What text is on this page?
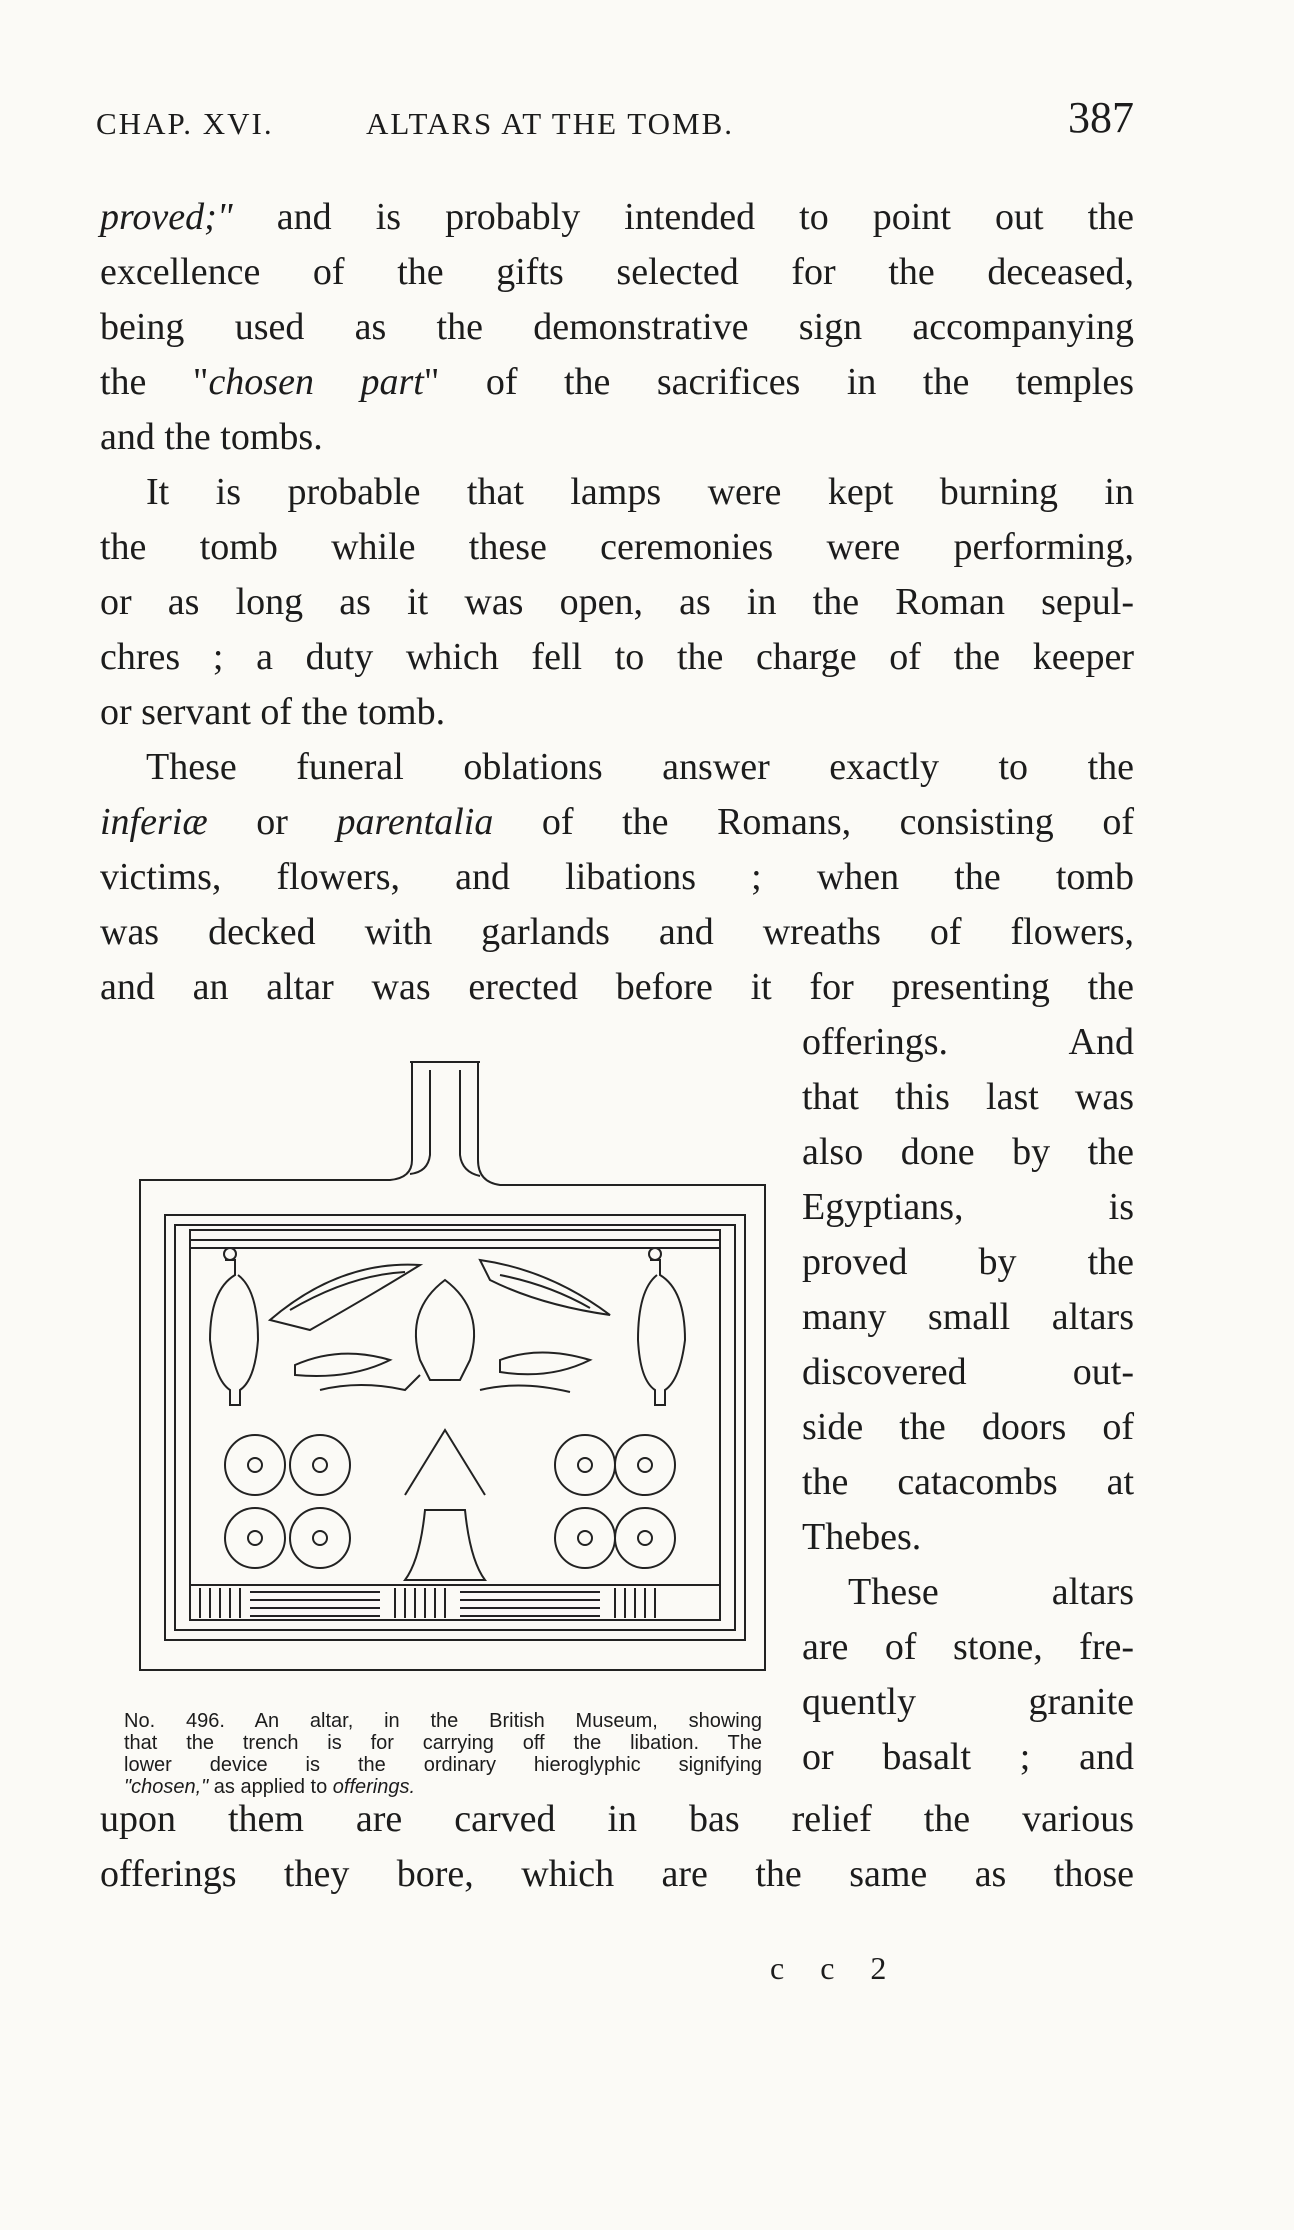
CHAP. XVI.	ALTARS AT THE TOMB.	387
proved;" and is probably intended to point out the
excellence of the gifts selected for the deceased,
being used as the demonstrative sign accompanying
the "chosen part" of the sacrifices in the temples
and the tombs.
It is probable that lamps were kept burning in
the tomb while these ceremonies were performing,
or as long as it was open, as in the Roman sepul-
chres ; a duty which fell to the charge of the keeper
or servant of the tomb.
These funeral oblations answer exactly to the
inferiæ or parentalia of the Romans, consisting of
victims, flowers, and libations ; when the tomb
was decked with garlands and wreaths of flowers,
and an altar was erected before it for presenting the
offerings. And
that this last was
also done by the
Egyptians, is
proved by the
many small altars
discovered out-
side the doors of
the catacombs at
Thebes.
These altars
are of stone, fre-
quently granite
or basalt ; and
upon them are carved in bas relief the various
offerings they bore, which are the same as those
No. 496. An altar, in the British Museum, showing
that the trench is for carrying off the libation. The
lower device is the ordinary hieroglyphic signifying
"chosen," as applied to offerings.
c c 2
